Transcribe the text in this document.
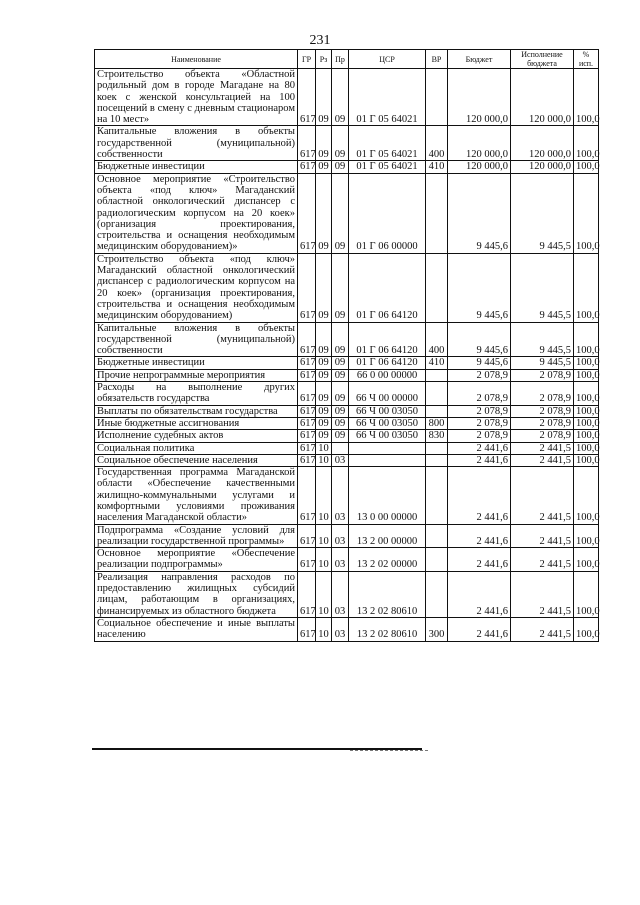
231
Наименование	ГР	Рз	Пр	ЦСР	ВР	Бюджет	Исполнение бюджета	% исп.
Строительство объекта «Областной родильный дом в городе Магадане на 80 коек с женской консультацией на 100 посещений в смену с дневным стационаром на 10 мест»	617	09	09	01 Г 05 64021		120 000,0	120 000,0	100,0
Капитальные вложения в объекты государственной (муниципальной) собственности	617	09	09	01 Г 05 64021	400	120 000,0	120 000,0	100,0
Бюджетные инвестиции	617	09	09	01 Г 05 64021	410	120 000,0	120 000,0	100,0
Основное мероприятие «Строительство объекта «под ключ» Магаданский областной онкологический диспансер с радиологическим корпусом на 20 коек» (организация проектирования, строительства и оснащения необходимым медицинским оборудованием)»	617	09	09	01 Г 06 00000		9 445,6	9 445,5	100,0
Строительство объекта «под ключ» Магаданский областной онкологический диспансер с радиологическим корпусом на 20 коек» (организация проектирования, строительства и оснащения необходимым медицинским оборудованием)	617	09	09	01 Г 06 64120		9 445,6	9 445,5	100,0
Капитальные вложения в объекты государственной (муниципальной) собственности	617	09	09	01 Г 06 64120	400	9 445,6	9 445,5	100,0
Бюджетные инвестиции	617	09	09	01 Г 06 64120	410	9 445,6	9 445,5	100,0
Прочие непрограммные мероприятия	617	09	09	66 0 00 00000		2 078,9	2 078,9	100,0
Расходы на выполнение других обязательств государства	617	09	09	66 Ч 00 00000		2 078,9	2 078,9	100,0
Выплаты по обязательствам государства	617	09	09	66 Ч 00 03050		2 078,9	2 078,9	100,0
Иные бюджетные ассигнования	617	09	09	66 Ч 00 03050	800	2 078,9	2 078,9	100,0
Исполнение судебных актов	617	09	09	66 Ч 00 03050	830	2 078,9	2 078,9	100,0
Социальная политика	617	10				2 441,6	2 441,5	100,0
Социальное обеспечение населения	617	10	03			2 441,6	2 441,5	100,0
Государственная программа Магаданской области «Обеспечение качественными жилищно-коммунальными услугами и комфортными условиями проживания населения Магаданской области»	617	10	03	13 0 00 00000		2 441,6	2 441,5	100,0
Подпрограмма «Создание условий для реализации государственной программы»	617	10	03	13 2 00 00000		2 441,6	2 441,5	100,0
Основное мероприятие «Обеспечение реализации подпрограммы»	617	10	03	13 2 02 00000		2 441,6	2 441,5	100,0
Реализация направления расходов по предоставлению жилищных субсидий лицам, работающим в организациях, финансируемых из областного бюджета	617	10	03	13 2 02 80610		2 441,6	2 441,5	100,0
Социальное обеспечение и иные выплаты населению	617	10	03	13 2 02 80610	300	2 441,6	2 441,5	100,0
